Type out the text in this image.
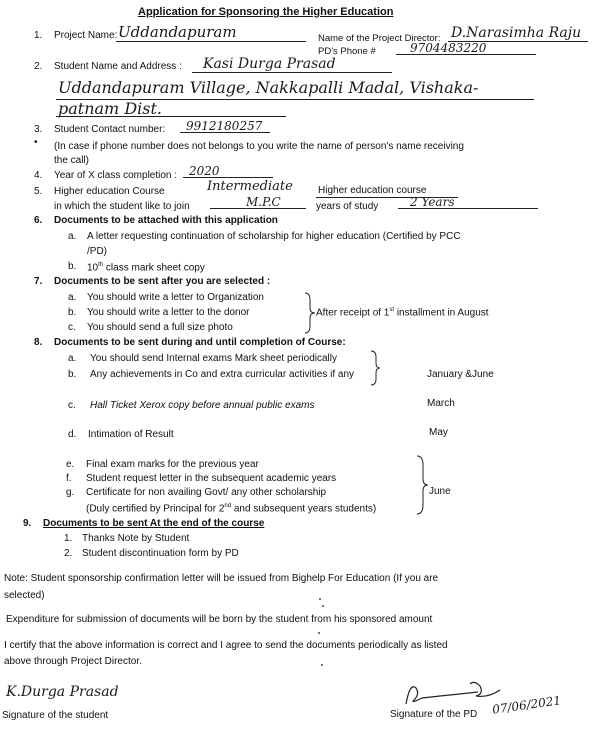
Application for Sponsoring the Higher Education
1. Project Name: Uddandapuram	Name of the Project Director: D.Narasimha Raju
PD's Phone #	9704483220
2. Student Name and Address : Kasi Durga Prasad
Uddandapuram Village, Nakkapalli Madal, Vishaka-
patnam Dist.
3. Student Contact number: 9912180257
• (In case if phone number does not belongs to you write the name of person's name receiving
the call)
4. Year of X class completion : 2020
5. Higher education Course
in which the student like to join
Intermediate	Higher education course
M.P.C	years of study	2 Years
6. Documents to be attached with this application
a. A letter requesting continuation of scholarship for higher education (Certified by PCC
/PD)
b. 10th class mark sheet copy
7. Documents to be sent after you are selected :
a. You should write a letter to Organization
b. You should write a letter to the donor
c. You should send a full size photo
After receipt of 1st installment in August
8. Documents to be sent during and until completion of Course:
a. You should send Internal exams Mark sheet periodically
b. Any achievements in Co and extra curricular activities if any	January &June
c. Hall Ticket Xerox copy before annual public exams	March
d. Intimation of Result	May
e. Final exam marks for the previous year
f. Student request letter in the subsequent academic years
g. Certificate for non availing Govt/ any other scholarship
(Duly certified by Principal for 2nd and subsequent years students)
June
9. Documents to be sent At the end of the course
1. Thanks Note by Student
2. Student discontinuation form by PD
Note: Student sponsorship confirmation letter will be issued from Bighelp For Education (If you are
selected)
Expenditure for submission of documents will be born by the student from his sponsored amount
I certify that the above information is correct and I agree to send the documents periodically as listed
above through Project Director.
K.Durga Prasad
Signature of the student	Signature of the PD 07/06/2021
